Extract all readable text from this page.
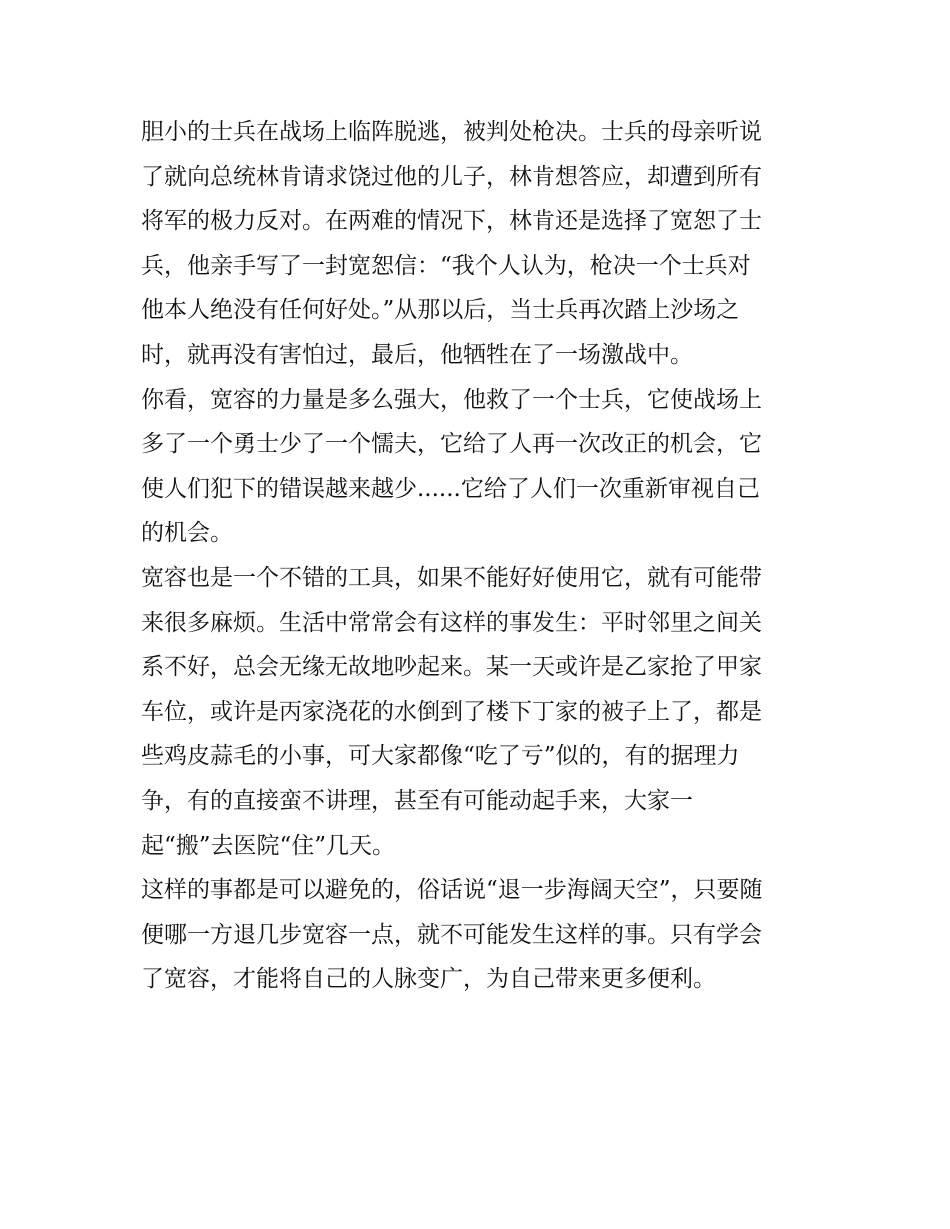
胆小的士兵在战场上临阵脱逃，被判处枪决。士兵的母亲听说
了就向总统林肯请求饶过他的儿子，林肯想答应，却遭到所有
将军的极力反对。在两难的情况下，林肯还是选择了宽恕了士
兵，他亲手写了一封宽恕信：“我个人认为，枪决一个士兵对
他本人绝没有任何好处。”从那以后，当士兵再次踏上沙场之
时，就再没有害怕过，最后，他牺牲在了一场激战中。
你看，宽容的力量是多么强大，他救了一个士兵，它使战场上
多了一个勇士少了一个懦夫，它给了人再一次改正的机会，它
使人们犯下的错误越来越少......它给了人们一次重新审视自己
的机会。
宽容也是一个不错的工具，如果不能好好使用它，就有可能带
来很多麻烦。生活中常常会有这样的事发生：平时邻里之间关
系不好，总会无缘无故地吵起来。某一天或许是乙家抢了甲家
车位，或许是丙家浇花的水倒到了楼下丁家的被子上了，都是
些鸡皮蒜毛的小事，可大家都像“吃了亏”似的，有的据理力
争，有的直接蛮不讲理，甚至有可能动起手来，大家一
起“搬”去医院“住”几天。
这样的事都是可以避免的，俗话说“退一步海阔天空”，只要随
便哪一方退几步宽容一点，就不可能发生这样的事。只有学会
了宽容，才能将自己的人脉变广，为自己带来更多便利。
